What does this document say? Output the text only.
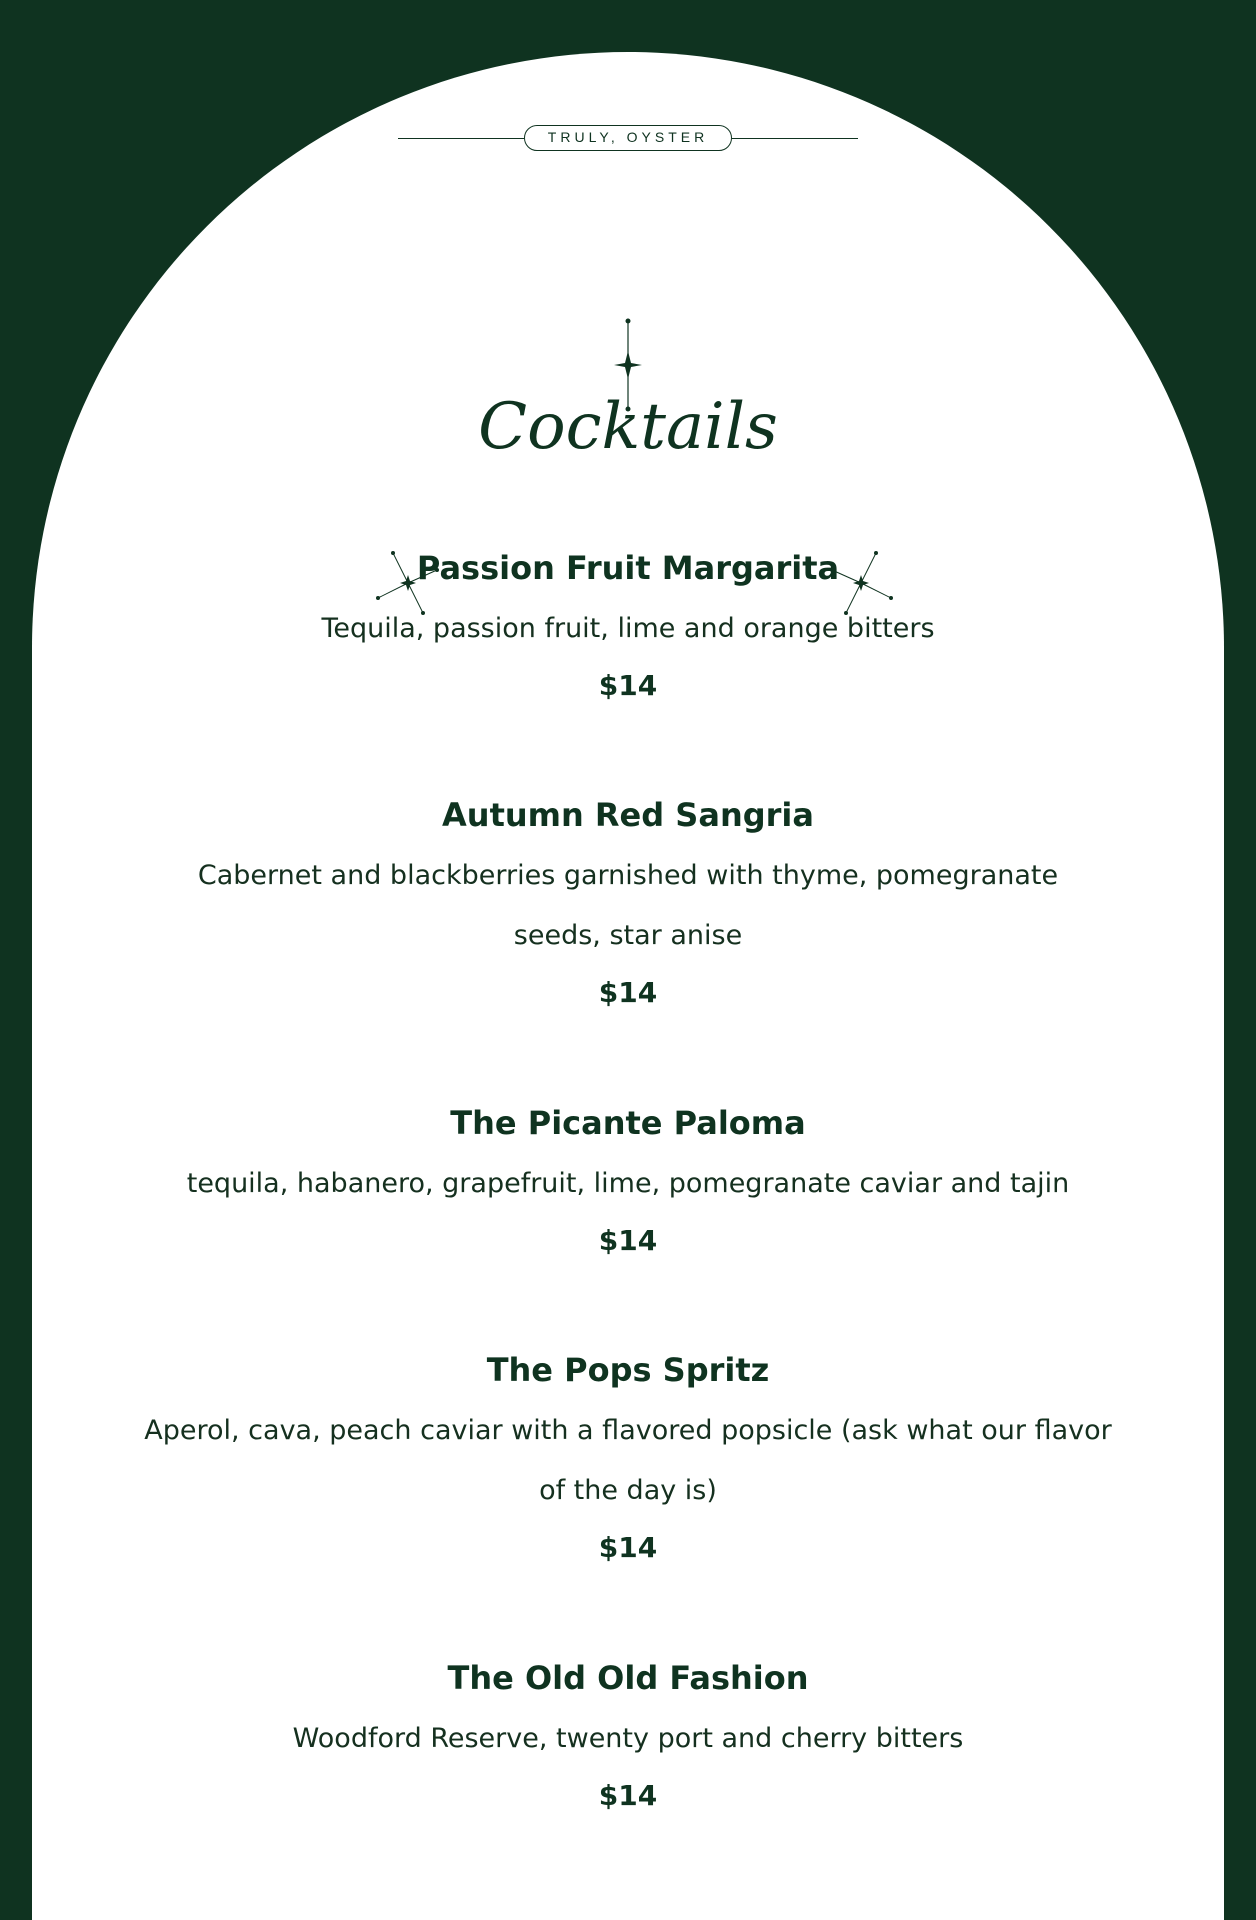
TRULY, OYSTER
Cocktails
Passion Fruit Margarita

Tequila, passion fruit, lime and orange bitters

$14

Autumn Red Sangria

Cabernet and blackberries garnished with thyme, pomegranate seeds, star anise

$14

The Picante Paloma

tequila, habanero, grapefruit, lime, pomegranate caviar and tajin

$14

The Pops Spritz

Aperol, cava, peach caviar with a flavored popsicle (ask what our flavor of the day is)

$14

The Old Old Fashion

Woodford Reserve, twenty port and cherry bitters

$14
